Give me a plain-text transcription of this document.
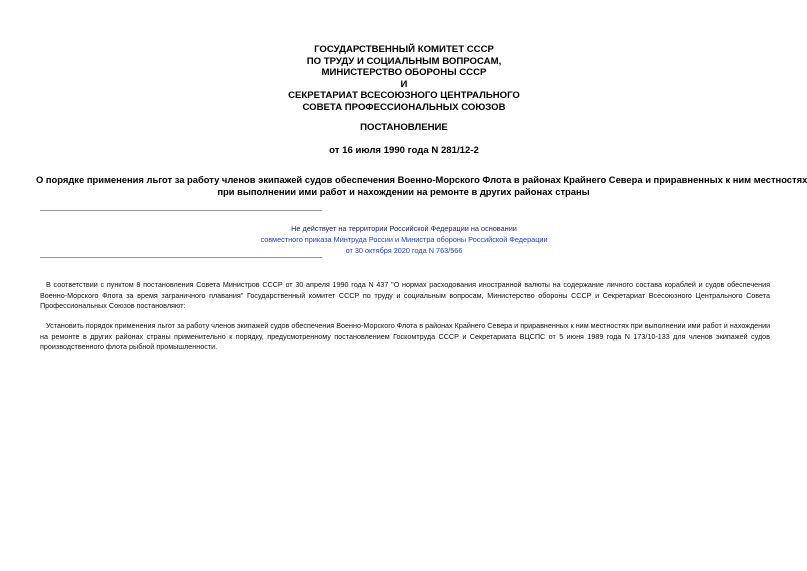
ГОСУДАРСТВЕННЫЙ КОМИТЕТ СССР
ПО ТРУДУ И СОЦИАЛЬНЫМ ВОПРОСАМ,
МИНИСТЕРСТВО ОБОРОНЫ СССР
И
СЕКРЕТАРИАТ ВСЕСОЮЗНОГО ЦЕНТРАЛЬНОГО
СОВЕТА ПРОФЕССИОНАЛЬНЫХ СОЮЗОВ
ПОСТАНОВЛЕНИЕ
от 16 июля 1990 года N 281/12-2
О порядке применения льгот за работу членов экипажей судов обеспечения Военно-Морского Флота в районах Крайнего Севера и приравненных к ним местностях
при выполнении ими работ и нахождении на ремонте в других районах страны
Не действует на территории Российской Федерации на основании
совместного приказа Минтруда России и Министра обороны Российской Федерации
от 30 октября 2020 года N 763/566
В соответствии с пунктом 8 постановления Совета Министров СССР от 30 апреля 1990 года N 437 "О нормах расходования иностранной валюты на содержание личного состава кораблей и судов обеспечения
Военно-Морского Флота за время заграничного плавания" Государственный комитет СССР по труду и социальным вопросам, Министерство обороны СССР и Секретариат Всесоюзного Центрального Совета
Профессиональных Союзов постановляют:
Установить порядок применения льгот за работу членов экипажей судов обеспечения Военно-Морского Флота в районах Крайнего Севера и приравненных к ним местностях при выполнении ими работ и нахождении
на ремонте в других районах страны применительно к порядку, предусмотренному постановлением Госкомтруда СССР и Секретариата ВЦСПС от 5 июня 1989 года N 173/10-133 для членов экипажей судов
производственного флота рыбной промышленности.
